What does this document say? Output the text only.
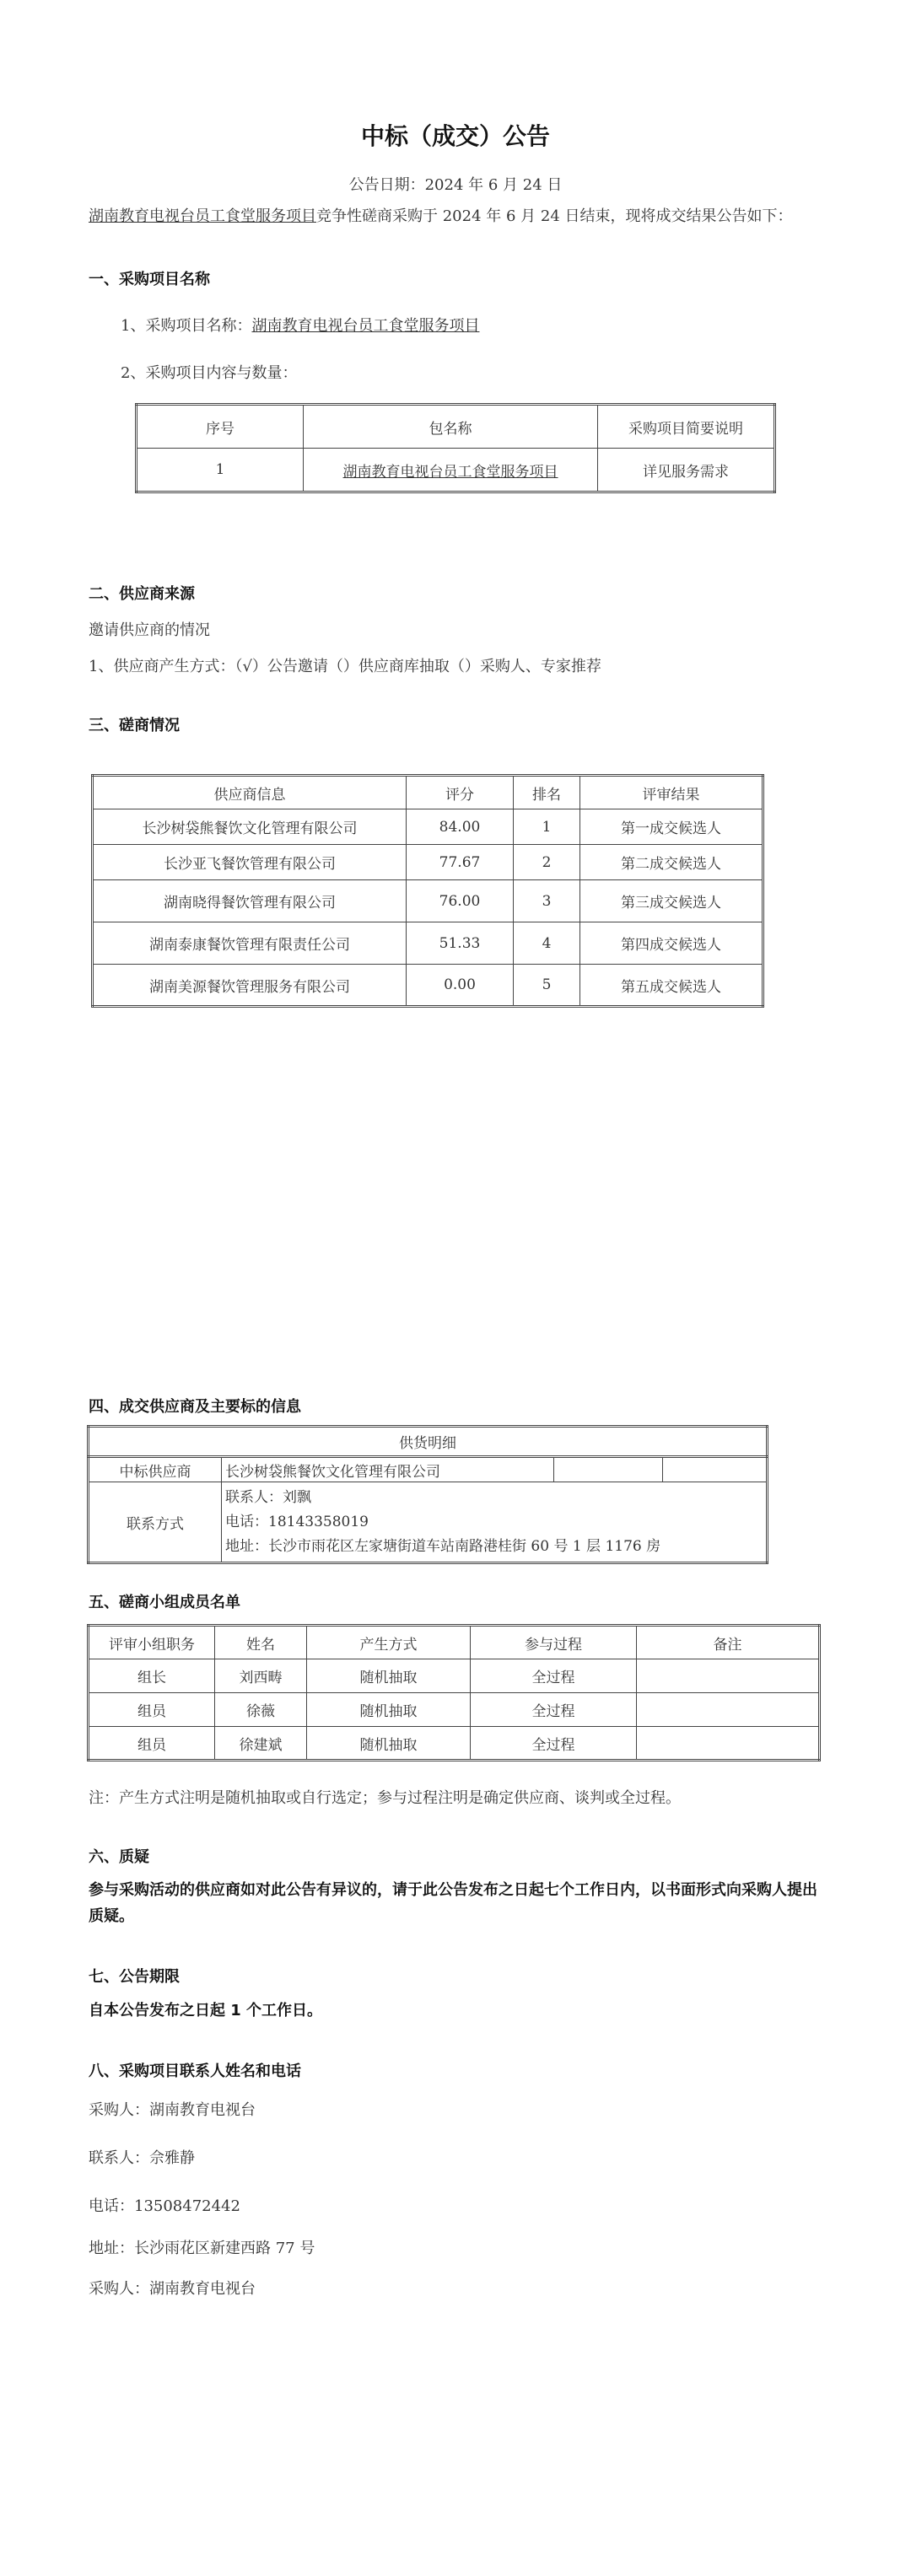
中标（成交）公告
公告日期：2024 年 6 月 24 日
湖南教育电视台员工食堂服务项目竞争性磋商采购于 2024 年 6 月 24 日结束，现将成交结果公告如下：
一、采购项目名称
1、采购项目名称：湖南教育电视台员工食堂服务项目
2、采购项目内容与数量：
序号	包名称	采购项目简要说明
1	湖南教育电视台员工食堂服务项目	详见服务需求
二、供应商来源
邀请供应商的情况
1、供应商产生方式：（√）公告邀请（）供应商库抽取（）采购人、专家推荐
三、磋商情况
供应商信息	评分	排名	评审结果
长沙树袋熊餐饮文化管理有限公司	84.00	1	第一成交候选人
长沙亚飞餐饮管理有限公司	77.67	2	第二成交候选人
湖南晓得餐饮管理有限公司	76.00	3	第三成交候选人
湖南泰康餐饮管理有限责任公司	51.33	4	第四成交候选人
湖南美源餐饮管理服务有限公司	0.00	5	第五成交候选人
四、成交供应商及主要标的信息
供货明细			
中标供应商	长沙树袋熊餐饮文化管理有限公司		
联系方式	联系人：刘飘
电话：18143358019
地址：长沙市雨花区左家塘街道车站南路港桂街 60 号 1 层 1176 房		
五、磋商小组成员名单
评审小组职务	姓名	产生方式	参与过程	备注
组长	刘西畴	随机抽取	全过程	
组员	徐薇	随机抽取	全过程	
组员	徐建斌	随机抽取	全过程	
注：产生方式注明是随机抽取或自行选定；参与过程注明是确定供应商、谈判或全过程。
六、质疑
参与采购活动的供应商如对此公告有异议的，请于此公告发布之日起七个工作日内，以书面形式向采购人提出质疑。
七、公告期限
自本公告发布之日起 1 个工作日。
八、采购项目联系人姓名和电话
采购人：湖南教育电视台
联系人：佘雅静
电话：13508472442
地址：长沙雨花区新建西路 77 号
采购人：湖南教育电视台
